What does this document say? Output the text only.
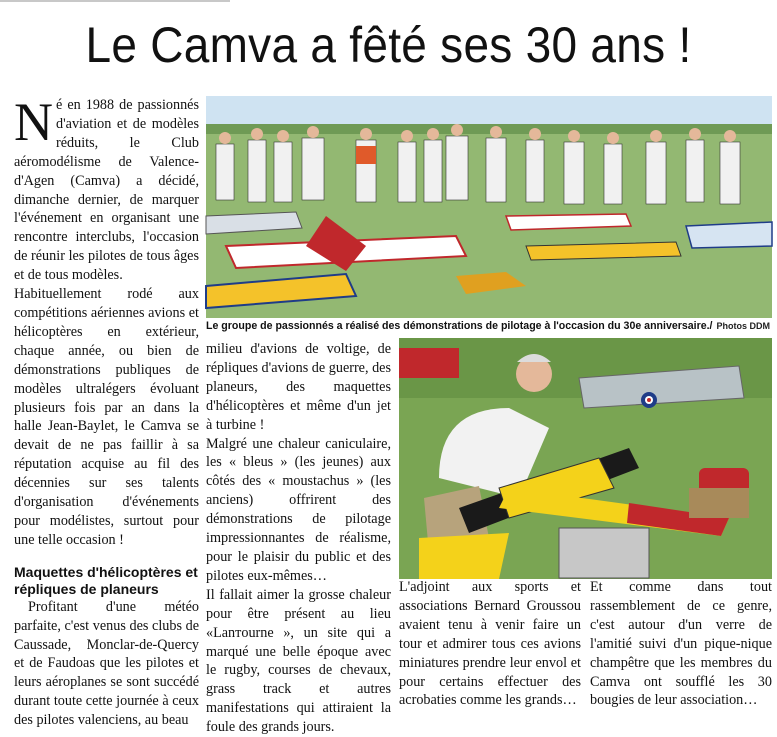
Le Camva a fêté ses 30 ans !

Né en 1988 de passionnés d'aviation et de modèles réduits, le Club aéromodélisme de Valence-d'Agen (Camva) a décidé, dimanche dernier, de marquer l'événement en organisant une rencontre interclubs, l'occasion de réunir les pilotes de tous âges et de tous modèles.

Habituellement rodé aux compétitions aériennes avions et hélicoptères en extérieur, chaque année, ou bien de démonstrations publiques de modèles ultralégers évoluant plusieurs fois par an dans la halle Jean-Baylet, le Camva se devait de ne pas faillir à sa réputation acquise au fil des décennies sur ses talents d'organisation d'événements pour modélistes, surtout pour une telle occasion !

Maquettes d'hélicoptères et répliques de planeurs

Profitant d'une météo parfaite, c'est venus des clubs de Caussade, Monclar-de-Quercy et de Faudoas que les pilotes et leurs aéroplanes se sont succédé durant toute cette journée à ceux des pilotes valenciens, au beau

Le groupe de passionnés a réalisé des démonstrations de pilotage à l'occasion du 30e anniversaire./ Photos DDM

milieu d'avions de voltige, de répliques d'avions de guerre, des planeurs, des maquettes d'hélicoptères et même d'un jet à turbine !

Malgré une chaleur caniculaire, les « bleus » (les jeunes) aux côtés des « moustachus » (les anciens) offrirent des démonstrations de pilotage impressionnantes de réalisme, pour le plaisir du public et des pilotes eux-mêmes…

Il fallait aimer la grosse chaleur pour être présent au lieu «Lanтourne », un site qui a marqué une belle époque avec le rugby, courses de chevaux, grass track et autres manifestations qui attiraient la foule des grands jours.

L'adjoint aux sports et associations Bernard Groussou avaient tenu à venir faire un tour et admirer tous ces avions miniatures prendre leur envol et pour certains effectuer des acrobaties comme les grands…

Et comme dans tout rassemblement de ce genre, c'est autour d'un verre de l'amitié suivi d'un pique-nique champêtre que les membres du Camva ont soufflé les 30 bougies de leur association…
